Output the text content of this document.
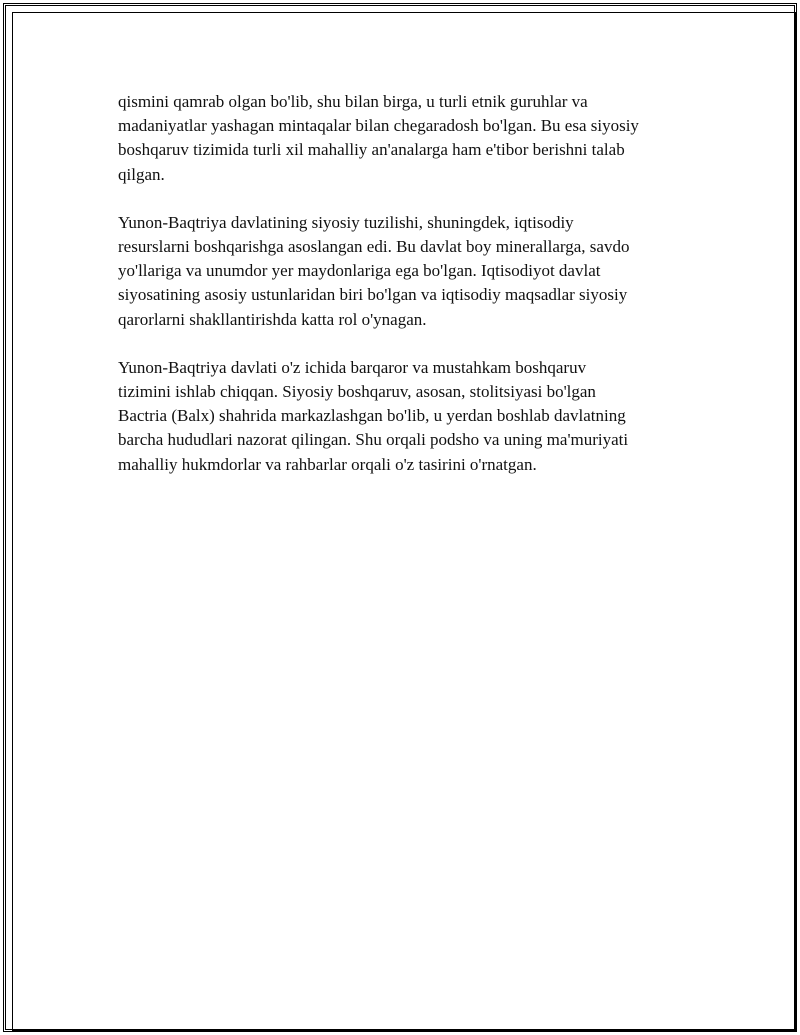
qismini qamrab olgan bo'lib, shu bilan birga, u turli etnik guruhlar va
madaniyatlar yashagan mintaqalar bilan chegaradosh bo'lgan. Bu esa siyosiy
boshqaruv tizimida turli xil mahalliy an'analarga ham e'tibor berishni talab
qilgan.

Yunon-Baqtriya davlatining siyosiy tuzilishi, shuningdek, iqtisodiy
resurslarni boshqarishga asoslangan edi. Bu davlat boy minerallarga, savdo
yo'llariga va unumdor yer maydonlariga ega bo'lgan. Iqtisodiyot davlat
siyosatining asosiy ustunlaridan biri bo'lgan va iqtisodiy maqsadlar siyosiy
qarorlarni shakllantirishda katta rol o'ynagan.

Yunon-Baqtriya davlati o'z ichida barqaror va mustahkam boshqaruv
tizimini ishlab chiqqan. Siyosiy boshqaruv, asosan, stolitsiyasi bo'lgan
Bactria (Balx) shahrida markazlashgan bo'lib, u yerdan boshlab davlatning
barcha hududlari nazorat qilingan. Shu orqali podsho va uning ma'muriyati
mahalliy hukmdorlar va rahbarlar orqali o'z tasirini o'rnatgan.
